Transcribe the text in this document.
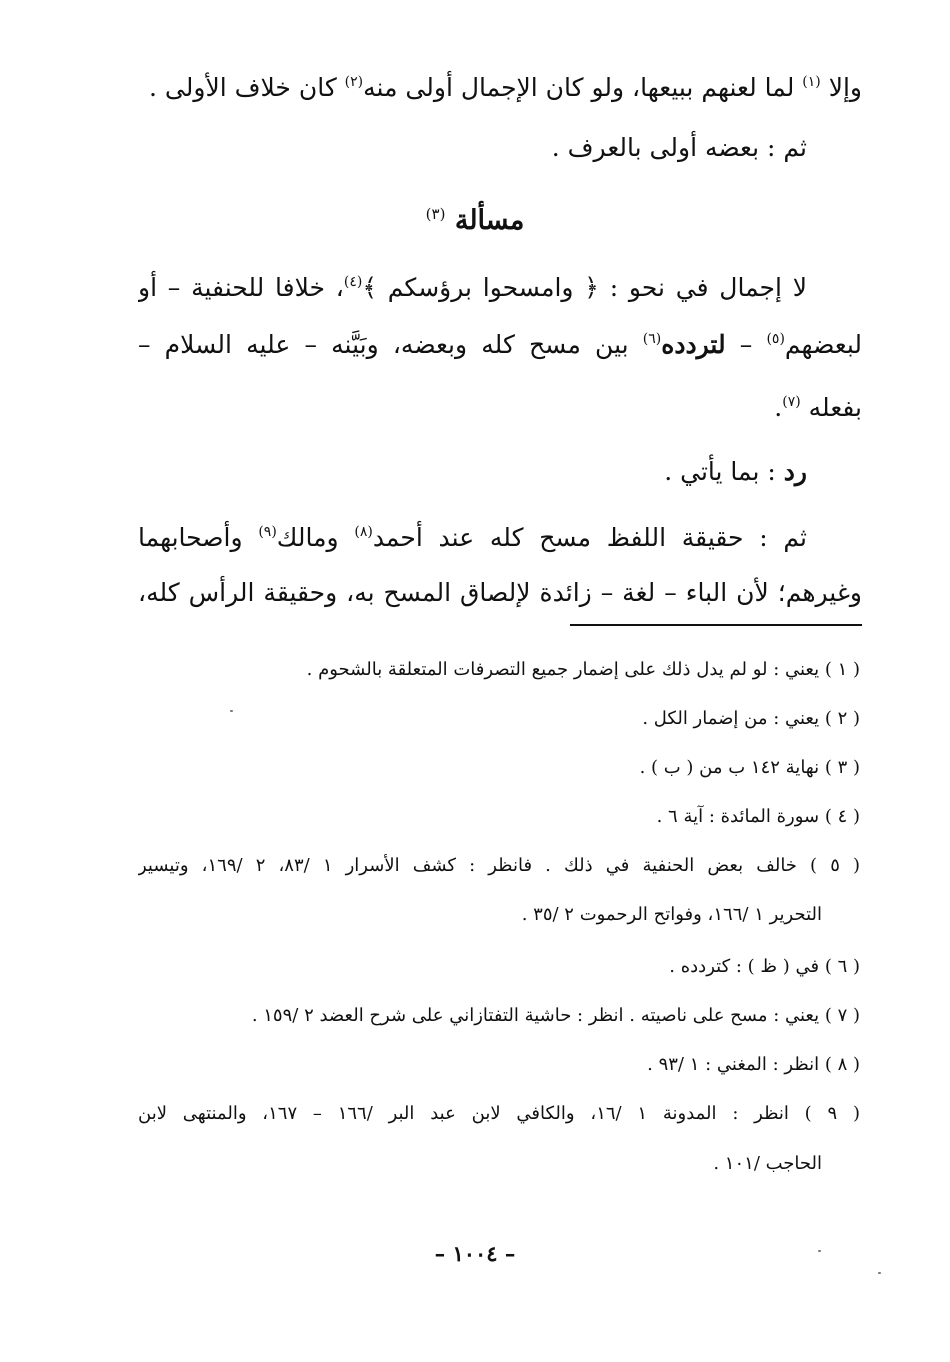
وإلا $^{(١)}$ لما لعنهم ببيعها، ولو كان الإجمال أولى منه$^{(٢)}$ كان خلاف الأولى .
ثم : بعضه أولى بالعرف .
مسألة $^{(٣)}$
لا إجمال في نحو : ﴿ وامسحوا برؤسكم ﴾$^{(٤)}$، خلافا للحنفية – أو
لبعضهم$^{(٥)}$ – لتردده$^{(٦)}$ بين مسح كله وبعضه، وبَيَّنه – عليه السلام –
بفعله $^{(٧)}$.
رد : بما يأتي .
ثم : حقيقة اللفظ مسح كله عند أحمد$^{(٨)}$ ومالك$^{(٩)}$ وأصحابهما
وغيرهم؛ لأن الباء – لغة – زائدة لإلصاق المسح به، وحقيقة الرأس كله،
( ١ ) يعني : لو لم يدل ذلك على إضمار جميع التصرفات المتعلقة بالشحوم .
( ٢ ) يعني : من إضمار الكل .
( ٣ ) نهاية ١٤٢ ب من ( ب ) .
( ٤ ) سورة المائدة : آية ٦ .
( ٥ ) خالف بعض الحنفية في ذلك . فانظر : كشف الأسرار ١ /٨٣، ٢ /١٦٩، وتيسير
التحرير ١ /١٦٦، وفواتح الرحموت ٢ /٣٥ .
( ٦ ) في ( ظ ) : كتردده .
( ٧ ) يعني : مسح على ناصيته . انظر : حاشية التفتازاني على شرح العضد ٢ /١٥٩ .
( ٨ ) انظر : المغني : ١ /٩٣ .
( ٩ ) انظر : المدونة ١ /١٦، والكافي لابن عبد البر /١٦٦ – ١٦٧، والمنتهى لابن
الحاجب /١٠١ .
– ١٠٠٤ –
